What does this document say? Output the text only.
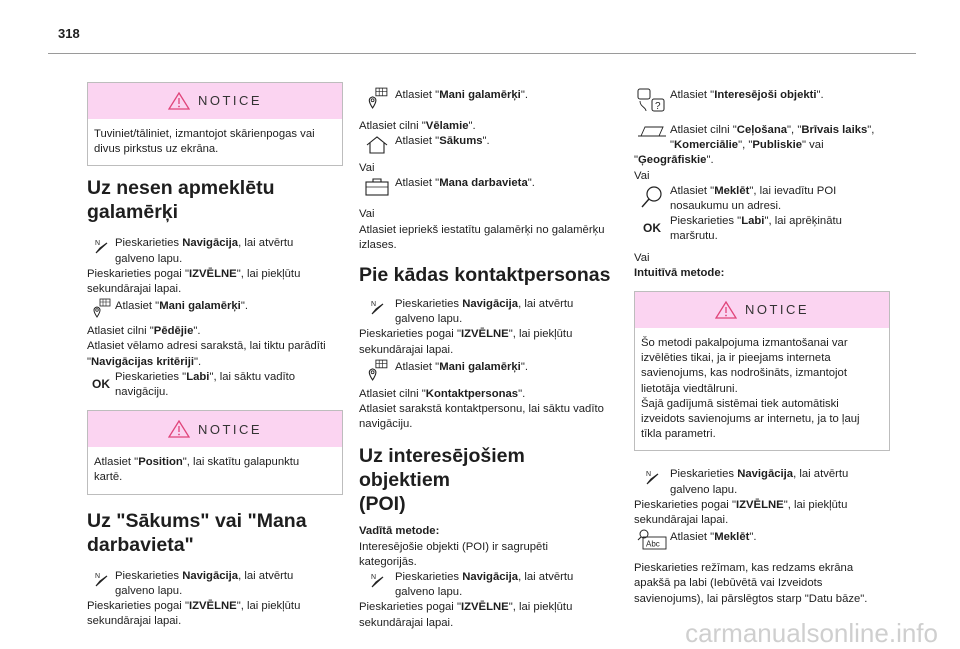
318
NOTICE
Tuviniet/tāliniet, izmantojot skārienpogas vai divus pirkstus uz ekrāna.
Uz nesen apmeklētu
galamērķi
N Pieskarieties Navigācija, lai atvērtu
galveno lapu.

Pieskarieties pogai "IZVĒLNE", lai piekļūtu
sekundārajai lapai.

Atlasiet "Mani galamērķi".

Atlasiet cilni "Pēdējie".

Atlasiet vēlamo adresi sarakstā, lai tiktu parādīti

"Navigācijas kritēriji".

OK Pieskarieties "Labi", lai sāktu vadīto
navigāciju.
NOTICE
Atlasiet "Position", lai skatītu galapunktu
kartē.
Uz "Sākums" vai "Mana
darbavieta"
N Pieskarieties Navigācija, lai atvērtu
galveno lapu.

Pieskarieties pogai "IZVĒLNE", lai piekļūtu
sekundārajai lapai.

Atlasiet "Mani galamērķi".

Atlasiet cilni "Vēlamie".

Atlasiet "Sākums".

Vai

Atlasiet "Mana darbavieta".

Vai

Atlasiet iepriekš iestatītu galamērķi no galamērķu
izlases.

Pie kādas kontaktpersonas
N Pieskarieties Navigācija, lai atvērtu
galveno lapu.

Pieskarieties pogai "IZVĒLNE", lai piekļūtu
sekundārajai lapai.

Atlasiet "Mani galamērķi".

Atlasiet cilni "Kontaktpersonas".

Atlasiet sarakstā kontaktpersonu, lai sāktu vadīto
navigāciju.

Uz interesējošiem objektiem
(POI)

Vadītā metode:

Interesējošie objekti (POI) ir sagrupēti
kategorijās.

N Pieskarieties Navigācija, lai atvērtu
galveno lapu.

Pieskarieties pogai "IZVĒLNE", lai piekļūtu
sekundārajai lapai.

?
Atlasiet "Interesējoši objekti".
Atlasiet cilni "Ceļošana", "Brīvais laiks",
"Komerciālie", "Publiskie" vai

"Ģeogrāfiskie".

Vai

Atlasiet "Meklēt", lai ievadītu POI
nosaukumu un adresi.
OK Pieskarieties "Labi", lai aprēķinātu
maršrutu.

Vai

Intuitīvā metode:

NOTICE
Šo metodi pakalpojuma izmantošanai var
izvēlēties tikai, ja ir pieejams interneta
savienojums, kas nodrošināts, izmantojot
lietotāja viedtālruni.
Šajā gadījumā sistēmai tiek automātiski
izveidots savienojums ar internetu, ja to ļauj
tīkla parametri.
N Pieskarieties Navigācija, lai atvērtu
galveno lapu.

Pieskarieties pogai "IZVĒLNE", lai piekļūtu
sekundārajai lapai.

Abc
Atlasiet "Meklēt".

Pieskarieties režīmam, kas redzams ekrāna
apakšā pa labi (Iebūvētā vai Izveidots
savienojums), lai pārslēgtos starp "Datu bāze".

carmanualsonline.info
